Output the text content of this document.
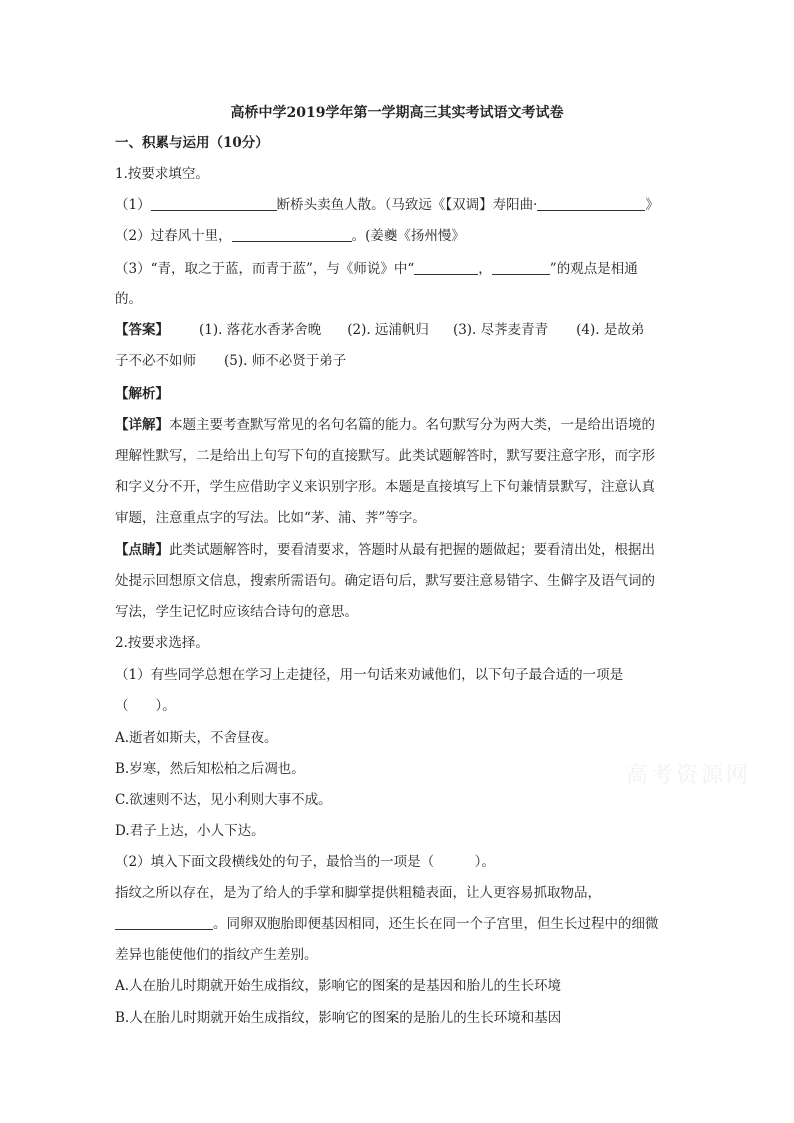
高桥中学2019学年第一学期高三其实考试语文考试卷
一、积累与运用（10分）
1.按要求填空。
（1）	断桥头卖鱼人散。（马致远《【双调】寿阳曲·	》
（2）过春风十里，	。(姜夔《扬州慢》
（3）“青，取之于蓝，而青于蓝”，与《师说》中“	，	”的观点是相通
的。
【答案】 (1). 落花水香茅舍晚 (2). 远浦帆归 (3). 尽荠麦青青 (4). 是故弟
子不必不如师 (5). 师不必贤于弟子
【解析】
【详解】本题主要考查默写常见的名句名篇的能力。名句默写分为两大类，一是给出语境的
理解性默写，二是给出上句写下句的直接默写。此类试题解答时，默写要注意字形，而字形
和字义分不开，学生应借助字义来识别字形。本题是直接填写上下句兼情景默写，注意认真
审题，注意重点字的写法。比如“茅、浦、荠”等字。
【点睛】此类试题解答时，要看清要求，答题时从最有把握的题做起；要看清出处，根据出
处提示回想原文信息，搜索所需语句。确定语句后，默写要注意易错字、生僻字及语气词的
写法，学生记忆时应该结合诗句的意思。
2.按要求选择。
（1）有些同学总想在学习上走捷径，用一句话来劝诫他们，以下句子最合适的一项是
（　　）。
A.逝者如斯夫，不舍昼夜。
B.岁寒，然后知松柏之后凋也。
C.欲速则不达，见小利则大事不成。
D.君子上达，小人下达。
（2）填入下面文段横线处的句子，最恰当的一项是（　　　）。
指纹之所以存在，是为了给人的手掌和脚掌提供粗糙表面，让人更容易抓取物品，
。同卵双胞胎即便基因相同，还生长在同一个子宫里，但生长过程中的细微
差异也能使他们的指纹产生差别。
A.人在胎儿时期就开始生成指纹，影响它的图案的是基因和胎儿的生长环境
B.人在胎儿时期就开始生成指纹，影响它的图案的是胎儿的生长环境和基因
高考资源网
